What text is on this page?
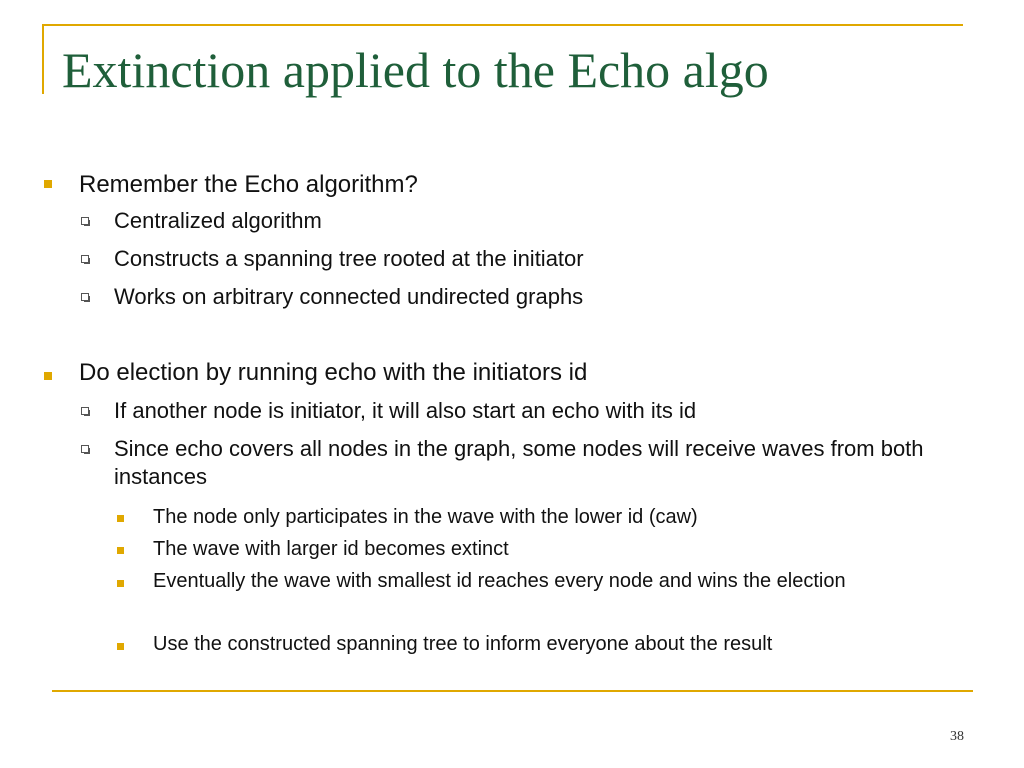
Extinction applied to the Echo algo

Remember the Echo algorithm?

Centralized algorithm

Constructs a spanning tree rooted at the initiator

Works on arbitrary connected undirected graphs

Do election by running echo with the initiators id

If another node is initiator, it will also start an echo with its id

Since echo covers all nodes in the graph, some nodes will receive waves from both instances

The node only participates in the wave with the lower id (caw)

The wave with larger id becomes extinct

Eventually the wave with smallest id reaches every node and wins the election

Use the constructed spanning tree to inform everyone about the result

38
